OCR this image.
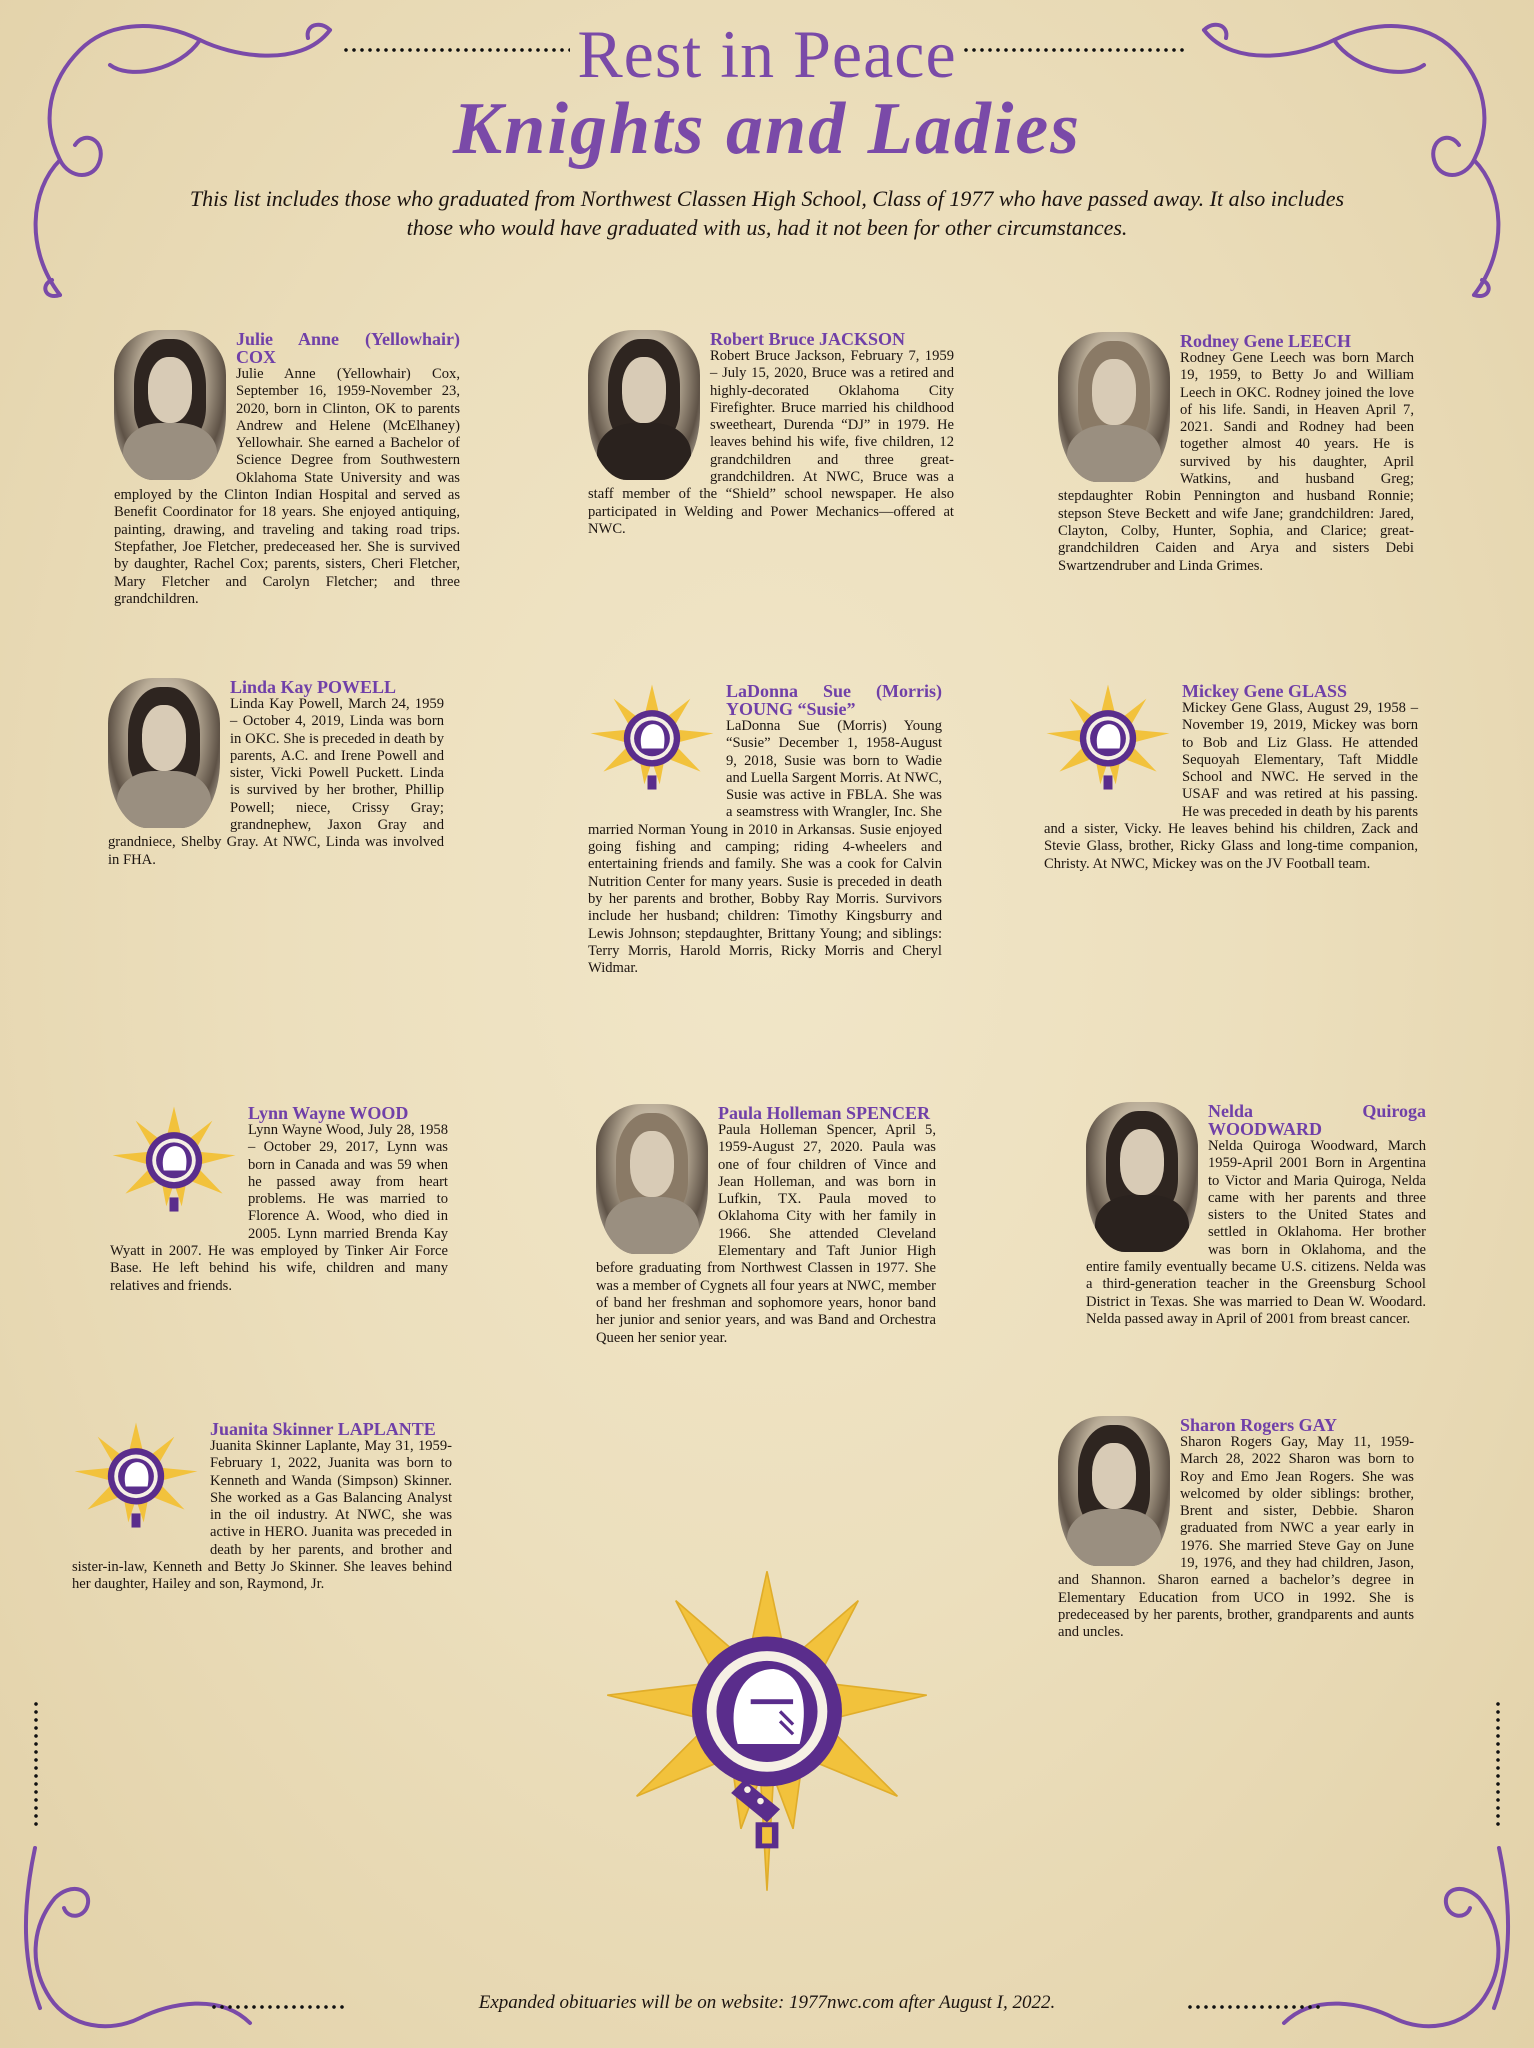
Rest in Peace
Knights and Ladies
This list includes those who graduated from Northwest Classen High School, Class of 1977 who have passed away. It also includes
those who would have graduated with us, had it not been for other circumstances.
Julie Anne (Yellowhair) COX

Julie Anne (Yellowhair) Cox, September 16, 1959-November 23, 2020, born in Clinton, OK to parents Andrew and Helene (McElhaney) Yellowhair. She earned a Bachelor of Science Degree from Southwestern Oklahoma State University and was employed by the Clinton Indian Hospital and served as Benefit Coordinator for 18 years. She enjoyed antiquing, painting, drawing, and traveling and taking road trips. Stepfather, Joe Fletcher, predeceased her. She is survived by daughter, Rachel Cox; parents, sisters, Cheri Fletcher, Mary Fletcher and Carolyn Fletcher; and three grandchildren.

Robert Bruce JACKSON

Robert Bruce Jackson, February 7, 1959 – July 15, 2020, Bruce was a retired and highly-decorated Oklahoma City Firefighter. Bruce married his childhood sweetheart, Durenda “DJ” in 1979. He leaves behind his wife, five children, 12 grandchildren and three great-grandchildren. At NWC, Bruce was a staff member of the “Shield” school newspaper. He also participated in Welding and Power Mechanics—offered at NWC.

Rodney Gene LEECH

Rodney Gene Leech was born March 19, 1959, to Betty Jo and William Leech in OKC. Rodney joined the love of his life. Sandi, in Heaven April 7, 2021. Sandi and Rodney had been together almost 40 years. He is survived by his daughter, April Watkins, and husband Greg; stepdaughter Robin Pennington and husband Ronnie; stepson Steve Beckett and wife Jane; grandchildren: Jared, Clayton, Colby, Hunter, Sophia, and Clarice; great-grandchildren Caiden and Arya and sisters Debi Swartzendruber and Linda Grimes.

Linda Kay POWELL

Linda Kay Powell, March 24, 1959 – October 4, 2019, Linda was born in OKC. She is preceded in death by parents, A.C. and Irene Powell and sister, Vicki Powell Puckett. Linda is survived by her brother, Phillip Powell; niece, Crissy Gray; grandnephew, Jaxon Gray and grandniece, Shelby Gray. At NWC, Linda was involved in FHA.

LaDonna Sue (Morris) YOUNG “Susie”

LaDonna Sue (Morris) Young “Susie” December 1, 1958-August 9, 2018, Susie was born to Wadie and Luella Sargent Morris. At NWC, Susie was active in FBLA. She was a seamstress with Wrangler, Inc. She married Norman Young in 2010 in Arkansas. Susie enjoyed going fishing and camping; riding 4-wheelers and entertaining friends and family. She was a cook for Calvin Nutrition Center for many years. Susie is preceded in death by her parents and brother, Bobby Ray Morris. Survivors include her husband; children: Timothy Kingsburry and Lewis Johnson; stepdaughter, Brittany Young; and siblings: Terry Morris, Harold Morris, Ricky Morris and Cheryl Widmar.

Mickey Gene GLASS

Mickey Gene Glass, August 29, 1958 – November 19, 2019, Mickey was born to Bob and Liz Glass. He attended Sequoyah Elementary, Taft Middle School and NWC. He served in the USAF and was retired at his passing. He was preceded in death by his parents and a sister, Vicky. He leaves behind his children, Zack and Stevie Glass, brother, Ricky Glass and long-time companion, Christy. At NWC, Mickey was on the JV Football team.

Lynn Wayne WOOD

Lynn Wayne Wood, July 28, 1958 – October 29, 2017, Lynn was born in Canada and was 59 when he passed away from heart problems. He was married to Florence A. Wood, who died in 2005. Lynn married Brenda Kay Wyatt in 2007. He was employed by Tinker Air Force Base. He left behind his wife, children and many relatives and friends.

Paula Holleman SPENCER

Paula Holleman Spencer, April 5, 1959-August 27, 2020. Paula was one of four children of Vince and Jean Holleman, and was born in Lufkin, TX. Paula moved to Oklahoma City with her family in 1966. She attended Cleveland Elementary and Taft Junior High before graduating from Northwest Classen in 1977. She was a member of Cygnets all four years at NWC, member of band her freshman and sophomore years, honor band her junior and senior years, and was Band and Orchestra Queen her senior year.

Nelda Quiroga WOODWARD

Nelda Quiroga Woodward, March 1959-April 2001 Born in Argentina to Victor and Maria Quiroga, Nelda came with her parents and three sisters to the United States and settled in Oklahoma. Her brother was born in Oklahoma, and the entire family eventually became U.S. citizens. Nelda was a third-generation teacher in the Greensburg School District in Texas. She was married to Dean W. Woodard. Nelda passed away in April of 2001 from breast cancer.

Juanita Skinner LAPLANTE

Juanita Skinner Laplante, May 31, 1959-February 1, 2022, Juanita was born to Kenneth and Wanda (Simpson) Skinner. She worked as a Gas Balancing Analyst in the oil industry. At NWC, she was active in HERO. Juanita was preceded in death by her parents, and brother and sister-in-law, Kenneth and Betty Jo Skinner. She leaves behind her daughter, Hailey and son, Raymond, Jr.

Sharon Rogers GAY

Sharon Rogers Gay, May 11, 1959-March 28, 2022 Sharon was born to Roy and Emo Jean Rogers. She was welcomed by older siblings: brother, Brent and sister, Debbie. Sharon graduated from NWC a year early in 1976. She married Steve Gay on June 19, 1976, and they had children, Jason, and Shannon. Sharon earned a bachelor’s degree in Elementary Education from UCO in 1992. She is predeceased by her parents, brother, grandparents and aunts and uncles.

Expanded obituaries will be on website: 1977nwc.com after August I, 2022.
